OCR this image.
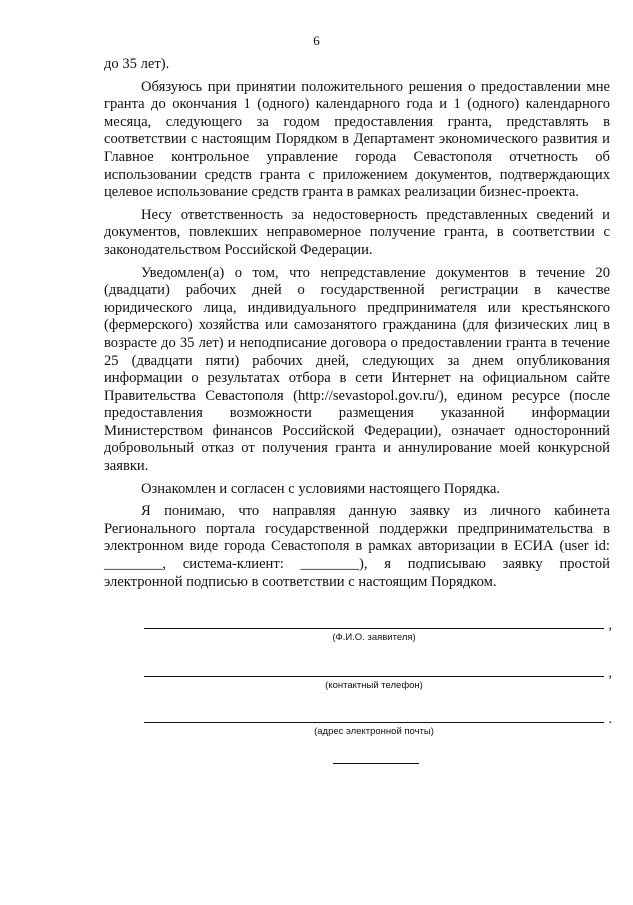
6

до 35 лет).

Обязуюсь при принятии положительного решения о предоставлении мне гранта до окончания 1 (одного) календарного года и 1 (одного) календарного месяца, следующего за годом предоставления гранта, представлять в соответствии с настоящим Порядком в Департамент экономического развития и Главное контрольное управление города Севастополя отчетность об использовании средств гранта с приложением документов, подтверждающих целевое использование средств гранта в рамках реализации бизнес-проекта.

Несу ответственность за недостоверность представленных сведений и документов, повлекших неправомерное получение гранта, в соответствии с законодательством Российской Федерации.

Уведомлен(а) о том, что непредставление документов в течение 20 (двадцати) рабочих дней о государственной регистрации в качестве юридического лица, индивидуального предпринимателя или крестьянского (фермерского) хозяйства или самозанятого гражданина (для физических лиц в возрасте до 35 лет) и неподписание договора о предоставлении гранта в течение 25 (двадцати пяти) рабочих дней, следующих за днем опубликования информации о результатах отбора в сети Интернет на официальном сайте Правительства Севастополя (http://sevastopol.gov.ru/), едином ресурсе (после предоставления возможности размещения указанной информации Министерством финансов Российской Федерации), означает односторонний добровольный отказ от получения гранта и аннулирование моей конкурсной заявки.

Ознакомлен и согласен с условиями настоящего Порядка.

Я понимаю, что направляя данную заявку из личного кабинета Регионального портала государственной поддержки предпринимательства в электронном виде города Севастополя в рамках авторизации в ЕСИА (user id: ________, система-клиент: ________), я подписываю заявку простой электронной подписью в соответствии с настоящим Порядком.

,
(Ф.И.О. заявителя)
,
(контактный телефон)
.
(адрес электронной почты)
